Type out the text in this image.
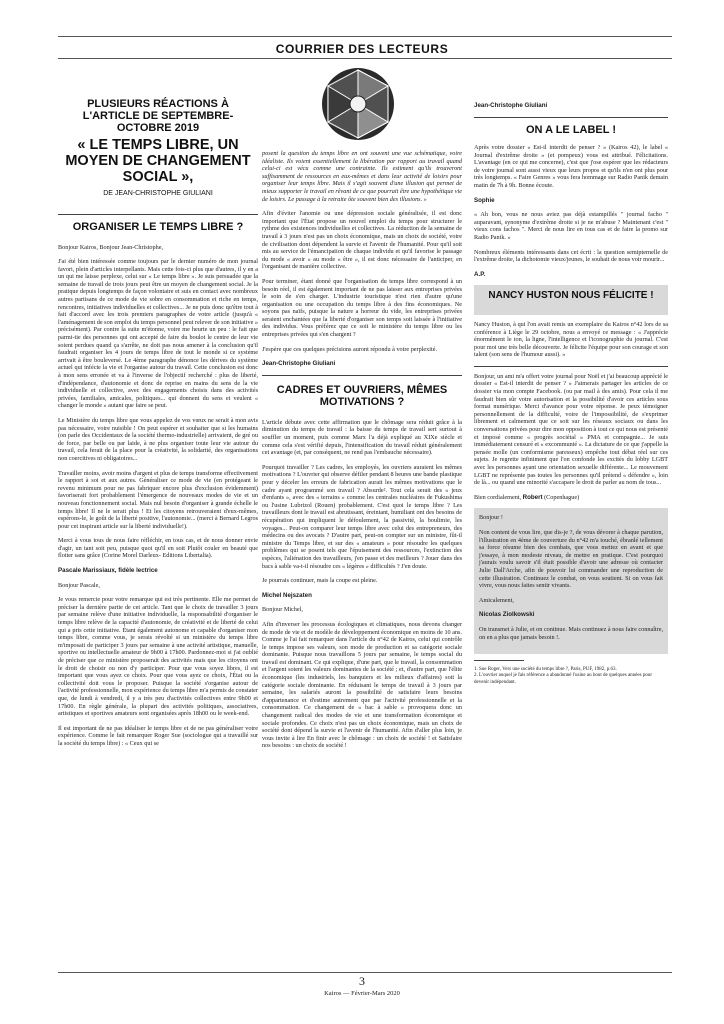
COURRIER DES LECTEURS

PLUSIEURS RÉACTIONS À L'ARTICLE DE SEPTEMBRE-OCTOBRE 2019

« LE TEMPS LIBRE, UN MOYEN DE CHANGEMENT SOCIAL »,

DE JEAN-CHRISTOPHE GIULIANI

ORGANISER LE TEMPS LIBRE ?

Bonjour Kairos, Bonjour Jean-Christophe,

J'ai été bien intéressée comme toujours par le dernier numéro de mon journal favori, plein d'articles interpellants. Mais cette fois-ci plus que d'autres, il y en a un qui me laisse perplexe, celui sur « Le temps libre ». Je suis persuadée que la semaine de travail de trois jours peut être un moyen de changement social. Je la pratique depuis longtemps de façon volontaire et suis en contact avec nombreux autres partisans de ce mode de vie sobre en consommation et riche en temps, rencontres, initiatives individuelles et collectives... Je ne puis donc qu'être tout à fait d'accord avec les trois premiers paragraphes de votre article (jusqu'à « l'aménagement de son emploi du temps personnel peut relever de son initiative » précisément). Par contre la suite m'étonne, voire me heurte un peu : le fait que parmi-tie des personnes qui ont accepté de faire du boulot le centre de leur vie soient perdues quand ça s'arrête, ne doit pas nous amener à la conclusion qu'il faudrait organiser les 4 jours de temps libre de tout le monde si ce système arrivait à être bouleversé. Le 4ème paragraphe dénonce les dérives du système actuel qui infécte la vie et l'organise autour du travail. Cette conclusion est donc à mon sens erronée et va à l'inverse de l'objectif recherché : plus de liberté, d'indépendance, d'autonomie et donc de reprise en mains du sens de la vie individuelle et collective, avec des engagements choisis dans des activités privées, familiales, amicales, politiques... qui donnent du sens et veulent « changer le monde » autant que faire se peut.

Le Ministère du temps libre que vous appelez de vos vœux ne serait à mon avis pas nécessaire, voire nuisible ! On peut espérer et souhaiter que si les humains (on parle des Occidentaux de la société thermo-industrielle) arrivaient, de gré ou de force, par belle ou par laide, à ne plus organiser toute leur vie autour du travail, cela ferait de la place pour la créativité, la solidarité, des organisations non coercitives ni obligatoires...

Travailler moins, avoir moins d'argent et plus de temps transforme effectivement le rapport à soi et aux autres. Généraliser ce mode de vie (en protégeant le revenu minimum pour ne pas fabriquer encore plus d'exclusion évidemment) favoriserait fort probablement l'émergence de nouveaux modes de vie et un nouveau fonctionnement social. Mais nul besoin d'organiser à grande échelle le temps libre! Il ne le serait plus ! Et les citoyens retrouveraient d'eux-mêmes, espérons-le, le goût de la liberté positive, l'autonomie... (merci à Bernard Legros pour cet inspirant article sur la liberté individuelle!).

Merci à vous tous de nous faire réfléchir, en tous cas, et de nous donner envie d'agir, un tant soit peu, puisque quoi qu'il en soit Plutôt couler en beauté que flotter sans grâce (Corine Morel Darleux- Editions Libertalia).

Pascale Marissiaux, fidèle lectrice

Bonjour Pascale,

Je vous remercie pour votre remarque qui est très pertinente. Elle me permet de préciser la dernière partie de cet article. Tant que le choix de travailler 3 jours par semaine relève d'une initiative individuelle, la responsabilité d'organiser le temps libre relève de la capacité d'autonomie, de créativité et de liberté de celui qui a pris cette initiative. Étant également autonome et capable d'organiser mon temps libre, comme vous, je serais révolté si un ministère du temps libre m'imposait de participer 3 jours par semaine à une activité artistique, manuelle, sportive ou intellectuelle amateur de 9h00 à 17h00. Pardonnez-moi si j'ai oublié de préciser que ce ministère proposerait des activités mais que les citoyens ont le droit de choisir ou non d'y participer. Pour que vous soyez libres, il est important que vous ayez ce choix. Pour que vous ayez ce choix, l'État ou la collectivité doit vous le proposer. Puisque la société s'organise autour de l'activité professionnelle, mon expérience du temps libre m'a permis de constater que, de lundi à vendredi, il y a très peu d'activités collectives entre 9h00 et 17h00. En règle générale, la plupart des activités politiques, associatives, artistiques et sportives amateurs sont organisées après 18h00 ou le week-end.

Il est important de ne pas idéaliser le temps libre et de ne pas généraliser votre expérience. Comme le fait remarquer Roger Sue (sociologue qui a travaillé sur la société du temps libre) : « Ceux qui se

posent la question du temps libre en ont souvent une vue schématique, voire idéaliste. Ils voient essentiellement la libération par rapport au travail quand celui-ci est vécu comme une contrainte. Ils estiment qu'ils trouveront suffisamment de ressources en eux-mêmes et dans leur activité de loisirs pour organiser leur temps libre. Mais il s'agit souvent d'une illusion qui permet de mieux supporter le travail en rêvant de ce que pourrait être une hypothétique vie de loisirs. Le passage à la retraite ôte souvent bien des illusions. »

Afin d'éviter l'anomie ou une dépression sociale généralisée, il est donc important que l'État propose un nouvel emploi du temps pour structurer le rythme des existences individuelles et collectives. La réduction de la semaine de travail à 3 jours n'est pas un choix économique, mais un choix de société, voire de civilisation dont dépendent la survie et l'avenir de l'humanité. Pour qu'il soit mis au service de l'émancipation de chaque individu et qu'il favorise le passage du mode « avoir » au mode « être », il est donc nécessaire de l'anticiper, en l'organisant de manière collective.

Pour terminer, étant donné que l'organisation du temps libre correspond à un besoin réel, il est également important de ne pas laisser aux entreprises privées le soin de s'en charger. L'industrie touristique n'est rien d'autre qu'une organisation ou une occupation du temps libre à des fins économiques. Ne soyons pas naïfs, puisque la nature a horreur du vide, les entreprises privées seraient enchantées que la liberté d'organiser son temps soit laissée à l'initiative des individus. Vous préférez que ce soit le ministère du temps libre ou les entreprises privées qui s'en chargent ?

J'espère que ces quelques précisions auront répondu à votre perplexité.

Jean-Christophe Giuliani

CADRES ET OUVRIERS, MÊMES MOTIVATIONS ?

L'article débute avec cette affirmation que le chômage sera réduit grâce à la diminution du temps de travail : la baisse du temps de travail sert surtout à souffler un moment, puis comme Marx l'a déjà expliqué au XIXe siècle et comme cela s'est vérifié depuis, l'intensification du travail réduit généralement cet avantage (et, par conséquent, ne rend pas l'embauche nécessaire).

Pourquoi travailler ? Les cadres, les employés, les ouvriers auraient les mêmes motivations ? L'ouvrier qui observe défiler pendant 8 heures une bande plastique pour y déceler les erreurs de fabrication aurait les mêmes motivations que le cadre ayant programmé son travail ? Absurde². Tout cela serait des « jeux d'enfants », avec des « terrains » comme les centrales nucléaires de Fukushima ou l'usine Lubrizol (Rouen) probablement. C'est quoi le temps libre ? Les travailleurs dont le travail est abrutissant, éreintant, humiliant ont des besoins de récupération qui impliquent le défoulement, la passivité, la boulimie, les voyages... Peut-on comparer leur temps libre avec celui des entrepreneurs, des médecins ou des avocats ? D'autre part, peut-on compter sur un ministre, fût-il ministre du Temps libre, et sur des « amateurs » pour résoudre les quelques problèmes qui se posent tels que l'épuisement des ressources, l'extinction des espèces, l'aliénation des travailleurs, j'en passe et des meilleurs ? Jouer dans des bacs à sable va-t-il résoudre ces « légères » difficultés ? J'en doute.

Je pourrais continuer, mais la coupe est pleine.

Michel Nejszaten

Bonjour Michel,

Afin d'inverser les processus écologiques et climatiques, nous devons changer de mode de vie et de modèle de développement économique en moins de 10 ans. Comme je l'ai fait remarquer dans l'article du n°42 de Kairos, celui qui contrôle le temps impose ses valeurs, son mode de production et sa catégorie sociale dominante. Puisque nous travaillons 5 jours par semaine, le temps social du travail est dominant. Ce qui explique, d'une part, que le travail, la consommation et l'argent soient les valeurs dominantes de la société ; et, d'autre part, que l'élite économique (les industriels, les banquiers et les milieux d'affaires) soit la catégorie sociale dominante. En réduisant le temps de travail à 3 jours par semaine, les salariés auront la possibilité de satisfaire leurs besoins d'appartenance et d'estime autrement que par l'activité professionnelle et la consommation. Ce changement de « bac à sable » provoquera donc un changement radical des modes de vie et une transformation économique et sociale profondes. Ce choix n'est pas un choix économique, mais un choix de société dont dépend la survie et l'avenir de l'humanité. Afin d'aller plus loin, je vous invite à lire En finir avec le chômage : un choix de société ! et Satisfaire nos besoins : un choix de société !

Jean-Christophe Giuliani

ON A LE LABEL !

Après votre dossier « Est-il interdit de penser ? » (Kairos 42), le label « Journal d'extrême droite » (et pompeux) vous est attribué. Félicitations. L'avantage (en ce qui me concerne), c'est que j'ose espérer que les rédacteurs de votre journal sont aussi vieux que leurs propos et qu'ils n'en ont plus pour très longtemps. « Faire Genres » vous fera hommage sur Radio Panik demain matin de 7h à 9h. Bonne écoute.

Sophie

« Ah bon, vous ne nous aviez pas déjà estampillés " journal facho " auparavant, synonyme d'extrême droite si je ne m'abuse ? Maintenant c'est " vieux cons fachos ". Merci de nous lire en tous cas et de faire la promo sur Radio Panik. »

Nombreux éléments intéressants dans cet écrit : la question semipternelle de l'extrême droite, la dichotomie vieux/jeunes, le souhait de nous voir mourir...

A.P.

NANCY HUSTON NOUS FÉLICITE !

Nancy Huston, à qui l'on avait remis un exemplaire du Kairos n°42 lors de sa conférence à Liège le 29 octobre, nous a envoyé ce message : « J'apprécie énormément le ton, la ligne, l'intelligence et l'iconographie du journal. C'est pour moi une très belle découverte. Je félicite l'équipe pour son courage et son talent (son sens de l'humour aussi). »

Bonjour, un ami m'a offert votre journal pour Noël et j'ai beaucoup apprécié le dossier « Est-il interdit de penser ? » J'aimerais partager les articles de ce dossier via mon compte Facebook. (ou par mail à des amis). Pour cela il me faudrait bien sûr votre autorisation et la possibilité d'avoir ces articles sous format numérique. Merci d'avance pour votre réponse. Je peux témoigner personnellement de la difficulté, voire de l'impossibilité, de s'exprimer librement et calmement que ce soit sur les réseaux sociaux ou dans les conversations privées pour dire mon opposition à tout ce qui nous est présenté et imposé comme « progrès sociétal » PMA et compagnie... Je suis immédiatement censuré et « excommunié ». La dictature de ce que j'appelle la pensée molle (un conformisme paresseux) empêche tout débat réel sur ces sujets. Je regrette infiniment que l'on confonde les excités du lobby LGBT avec les personnes ayant une orientation sexuelle différente... Le mouvement LGBT ne représente pas toutes les personnes qu'il prétend « défendre », loin de là... ou quand une minorité s'accapare le droit de parler au nom de tous...

Bien cordialement, Robert (Copenhague)

Bonjour !

Non content de vous lire, que dis-je ?, de vous dévorer à chaque parution, l'illustration en 4ème de couverture du n°42 m'a touché, ébranlé tellement sa force résume bien des combats, que vous mettez en avant et que j'essaye, à mon modeste niveau, de mettre en pratique. C'est pourquoi j'aurais voulu savoir s'il était possible d'avoir une adresse où contacter Julie Dall'Arche, afin de pouvoir lui commander une reproduction de cette illustration. Continuez le combat, on vous soutient. Si on vous fait vivre, vous nous faites sentir vivants.

Amicalement,

Nicolas Ziolkowski

On transmet à Julie, et on continue. Mais continuez à nous faire connaître, on en a plus que jamais besoin !.

1. Sue Roger, Vers une société du temps libre ?, Paris, PUF, 1982, p.63.
2. L'ouvrier auquel je fais référence a abandonné l'usine au bout de quelques années pour devenir indépendant.
3
Kairos — Février-Mars 2020
